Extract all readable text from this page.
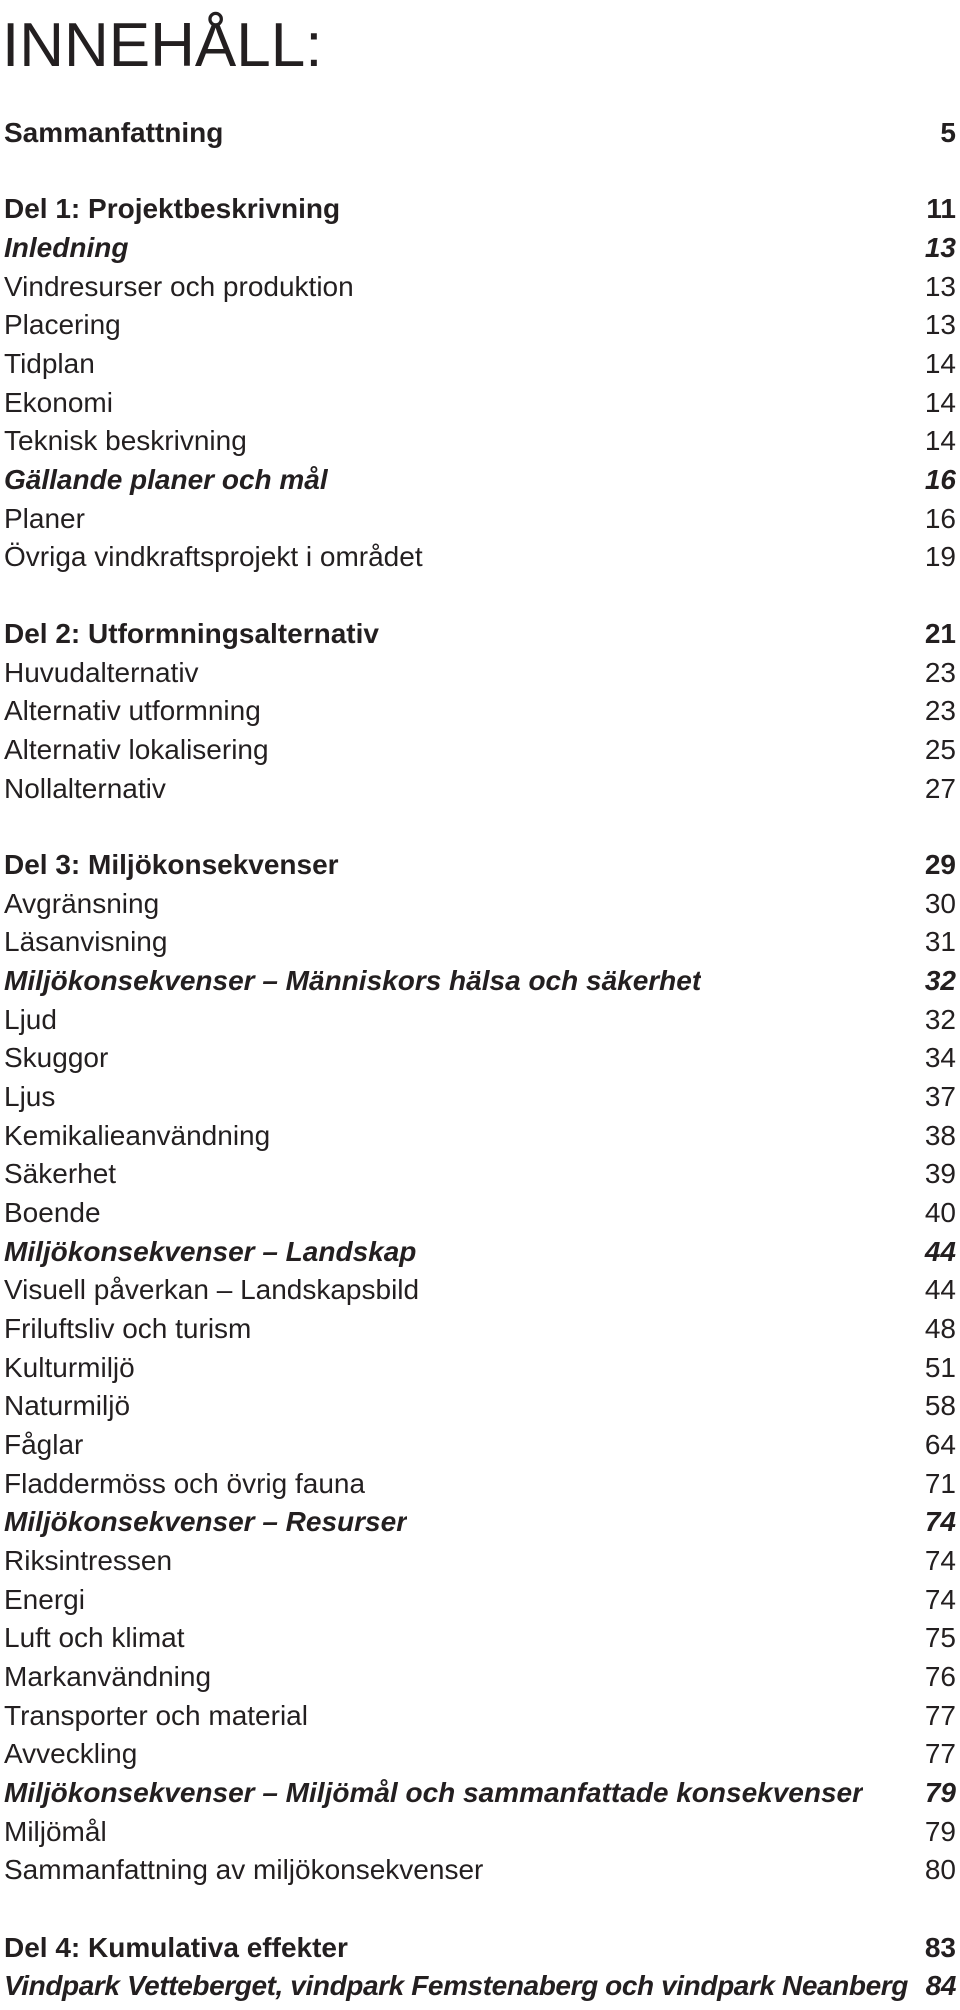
INNEHÅLL:
Sammanfattning	5
Del 1: Projektbeskrivning	11
Inledning	13
Vindresurser och produktion	13
Placering	13
Tidplan	14
Ekonomi	14
Teknisk beskrivning	14
Gällande planer och mål	16
Planer	16
Övriga vindkraftsprojekt i området	19
Del 2: Utformningsalternativ	21
Huvudalternativ	23
Alternativ utformning	23
Alternativ lokalisering	25
Nollalternativ	27
Del 3: Miljökonsekvenser	29
Avgränsning	30
Läsanvisning	31
Miljökonsekvenser – Människors hälsa och säkerhet	32
Ljud	32
Skuggor	34
Ljus	37
Kemikalieanvändning	38
Säkerhet	39
Boende	40
Miljökonsekvenser – Landskap	44
Visuell påverkan – Landskapsbild	44
Friluftsliv och turism	48
Kulturmiljö	51
Naturmiljö	58
Fåglar	64
Fladdermöss och övrig fauna	71
Miljökonsekvenser – Resurser	74
Riksintressen	74
Energi	74
Luft och klimat	75
Markanvändning	76
Transporter och material	77
Avveckling	77
Miljökonsekvenser – Miljömål och sammanfattade konsekvenser	79
Miljömål	79
Sammanfattning av miljökonsekvenser	80
Del 4: Kumulativa effekter	83
Vindpark Vetteberget, vindpark Femstenaberg och vindpark Neanberg 84
